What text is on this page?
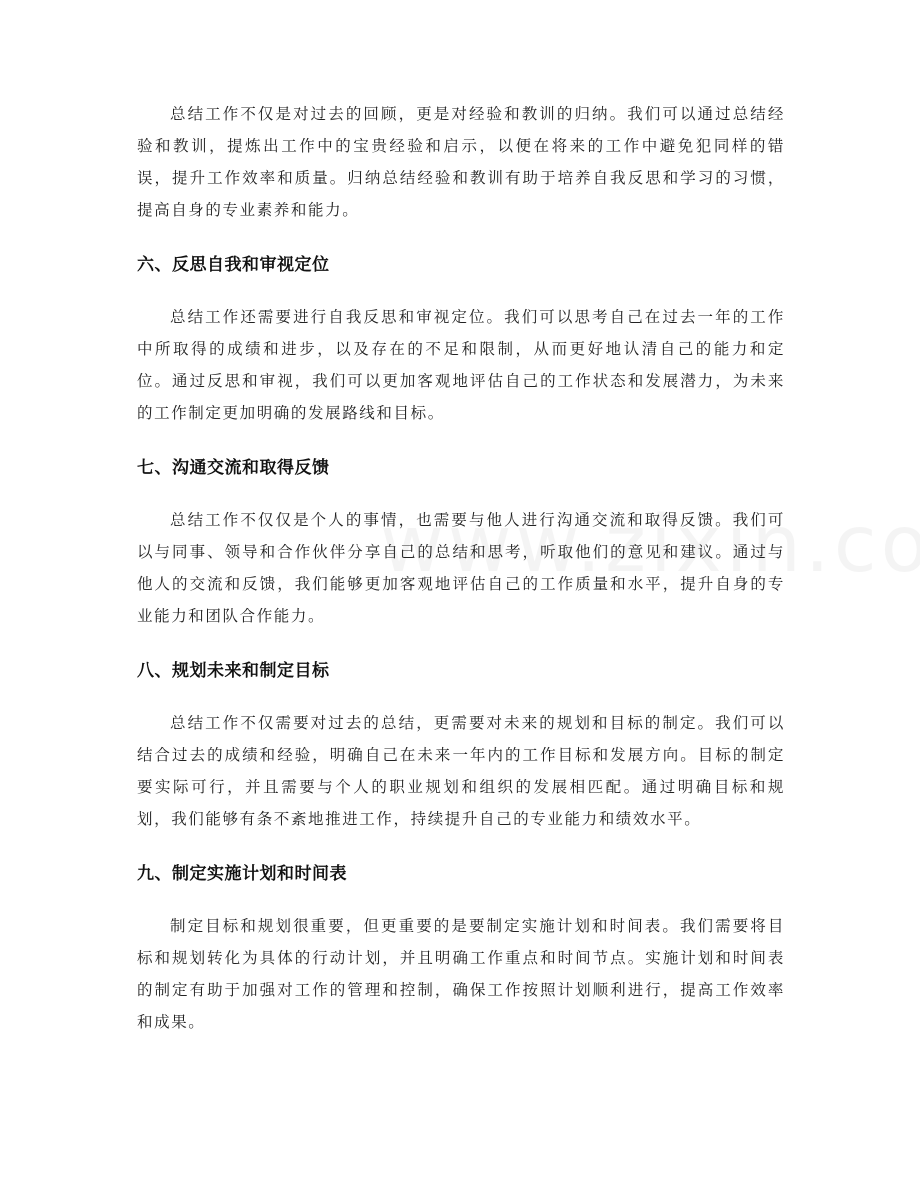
总结工作不仅是对过去的回顾，更是对经验和教训的归纳。我们可以通过总结经验和教训，提炼出工作中的宝贵经验和启示，以便在将来的工作中避免犯同样的错误，提升工作效率和质量。归纳总结经验和教训有助于培养自我反思和学习的习惯，提高自身的专业素养和能力。

六、反思自我和审视定位

总结工作还需要进行自我反思和审视定位。我们可以思考自己在过去一年的工作中所取得的成绩和进步，以及存在的不足和限制，从而更好地认清自己的能力和定位。通过反思和审视，我们可以更加客观地评估自己的工作状态和发展潜力，为未来的工作制定更加明确的发展路线和目标。

七、沟通交流和取得反馈

总结工作不仅仅是个人的事情，也需要与他人进行沟通交流和取得反馈。我们可以与同事、领导和合作伙伴分享自己的总结和思考，听取他们的意见和建议。通过与他人的交流和反馈，我们能够更加客观地评估自己的工作质量和水平，提升自身的专业能力和团队合作能力。

八、规划未来和制定目标

总结工作不仅需要对过去的总结，更需要对未来的规划和目标的制定。我们可以结合过去的成绩和经验，明确自己在未来一年内的工作目标和发展方向。目标的制定要实际可行，并且需要与个人的职业规划和组织的发展相匹配。通过明确目标和规划，我们能够有条不紊地推进工作，持续提升自己的专业能力和绩效水平。

九、制定实施计划和时间表

制定目标和规划很重要，但更重要的是要制定实施计划和时间表。我们需要将目标和规划转化为具体的行动计划，并且明确工作重点和时间节点。实施计划和时间表的制定有助于加强对工作的管理和控制，确保工作按照计划顺利进行，提高工作效率和成果。
